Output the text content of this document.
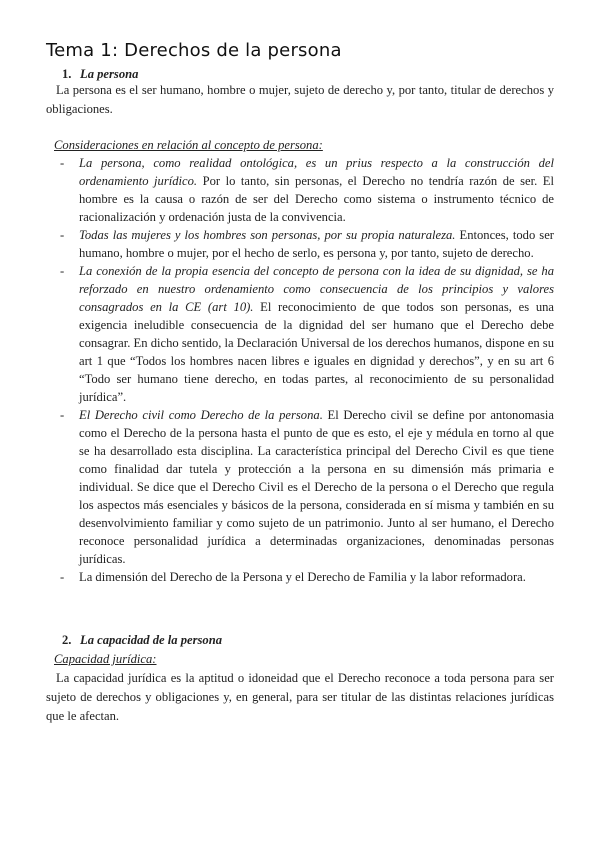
Tema 1: Derechos de la persona

1. La persona

La persona es el ser humano, hombre o mujer, sujeto de derecho y, por tanto, titular de derechos y obligaciones.

Consideraciones en relación al concepto de persona:

- La persona, como realidad ontológica, es un prius respecto a la construcción del ordenamiento jurídico. Por lo tanto, sin personas, el Derecho no tendría razón de ser. El hombre es la causa o razón de ser del Derecho como sistema o instrumento técnico de racionalización y ordenación justa de la convivencia.
- Todas las mujeres y los hombres son personas, por su propia naturaleza. Entonces, todo ser humano, hombre o mujer, por el hecho de serlo, es persona y, por tanto, sujeto de derecho.
- La conexión de la propia esencia del concepto de persona con la idea de su dignidad, se ha reforzado en nuestro ordenamiento como consecuencia de los principios y valores consagrados en la CE (art 10). El reconocimiento de que todos son personas, es una exigencia ineludible consecuencia de la dignidad del ser humano que el Derecho debe consagrar. En dicho sentido, la Declaración Universal de los derechos humanos, dispone en su art 1 que “Todos los hombres nacen libres e iguales en dignidad y derechos”, y en su art 6 “Todo ser humano tiene derecho, en todas partes, al reconocimiento de su personalidad jurídica”.
- El Derecho civil como Derecho de la persona. El Derecho civil se define por antonomasia como el Derecho de la persona hasta el punto de que es esto, el eje y médula en torno al que se ha desarrollado esta disciplina. La característica principal del Derecho Civil es que tiene como finalidad dar tutela y protección a la persona en su dimensión más primaria e individual. Se dice que el Derecho Civil es el Derecho de la persona o el Derecho que regula los aspectos más esenciales y básicos de la persona, considerada en sí misma y también en su desenvolvimiento familiar y como sujeto de un patrimonio. Junto al ser humano, el Derecho reconoce personalidad jurídica a determinadas organizaciones, denominadas personas jurídicas.
- La dimensión del Derecho de la Persona y el Derecho de Familia y la labor reformadora.

2. La capacidad de la persona

Capacidad jurídica:

La capacidad jurídica es la aptitud o idoneidad que el Derecho reconoce a toda persona para ser sujeto de derechos y obligaciones y, en general, para ser titular de las distintas relaciones jurídicas que le afectan.
